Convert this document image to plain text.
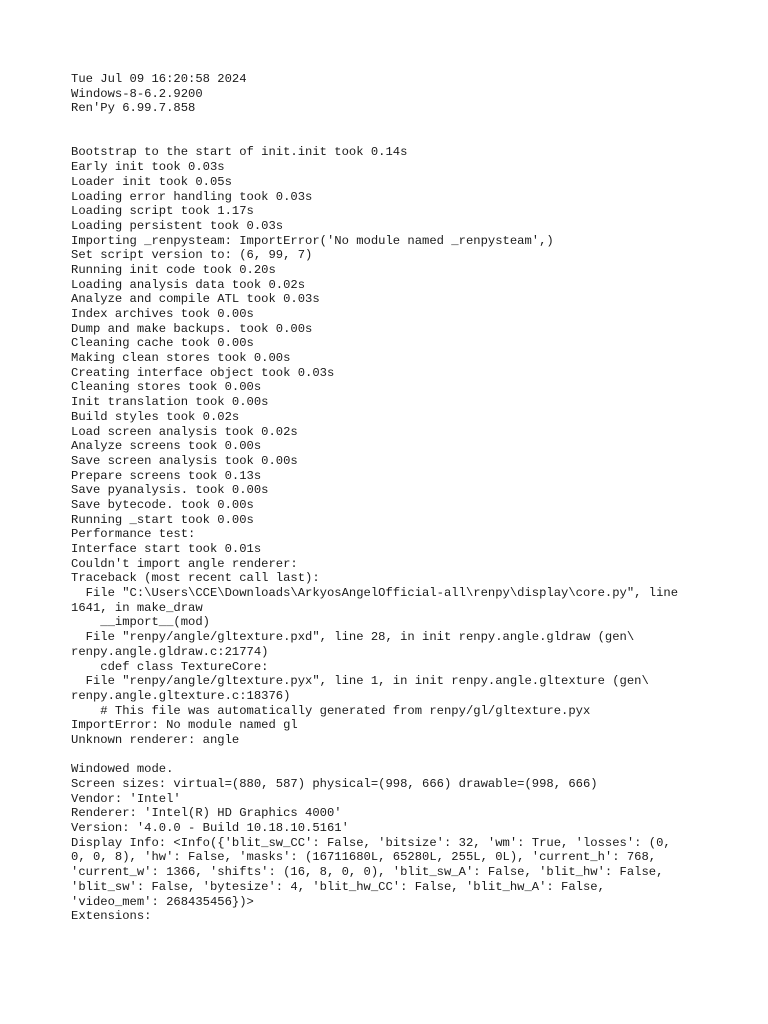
Tue Jul 09 16:20:58 2024
Windows-8-6.2.9200
Ren'Py 6.99.7.858
Bootstrap to the start of init.init took 0.14s
Early init took 0.03s
Loader init took 0.05s
Loading error handling took 0.03s
Loading script took 1.17s
Loading persistent took 0.03s
Importing _renpysteam: ImportError('No module named _renpysteam',)
Set script version to: (6, 99, 7)
Running init code took 0.20s
Loading analysis data took 0.02s
Analyze and compile ATL took 0.03s
Index archives took 0.00s
Dump and make backups. took 0.00s
Cleaning cache took 0.00s
Making clean stores took 0.00s
Creating interface object took 0.03s
Cleaning stores took 0.00s
Init translation took 0.00s
Build styles took 0.02s
Load screen analysis took 0.02s
Analyze screens took 0.00s
Save screen analysis took 0.00s
Prepare screens took 0.13s
Save pyanalysis. took 0.00s
Save bytecode. took 0.00s
Running _start took 0.00s
Performance test:
Interface start took 0.01s
Couldn't import angle renderer:
Traceback (most recent call last):
File "C:\Users\CCE\Downloads\ArkyosAngelOfficial-all\renpy\display\core.py", line
1641, in make_draw
__import__(mod)
File "renpy/angle/gltexture.pxd", line 28, in init renpy.angle.gldraw (gen\
renpy.angle.gldraw.c:21774)
cdef class TextureCore:
File "renpy/angle/gltexture.pyx", line 1, in init renpy.angle.gltexture (gen\
renpy.angle.gltexture.c:18376)
# This file was automatically generated from renpy/gl/gltexture.pyx
ImportError: No module named gl
Unknown renderer: angle
Windowed mode.
Screen sizes: virtual=(880, 587) physical=(998, 666) drawable=(998, 666)
Vendor: 'Intel'
Renderer: 'Intel(R) HD Graphics 4000'
Version: '4.0.0 - Build 10.18.10.5161'
Display Info: <Info({'blit_sw_CC': False, 'bitsize': 32, 'wm': True, 'losses': (0,
0, 0, 8), 'hw': False, 'masks': (16711680L, 65280L, 255L, 0L), 'current_h': 768,
'current_w': 1366, 'shifts': (16, 8, 0, 0), 'blit_sw_A': False, 'blit_hw': False,
'blit_sw': False, 'bytesize': 4, 'blit_hw_CC': False, 'blit_hw_A': False,
'video_mem': 268435456})>
Extensions:
